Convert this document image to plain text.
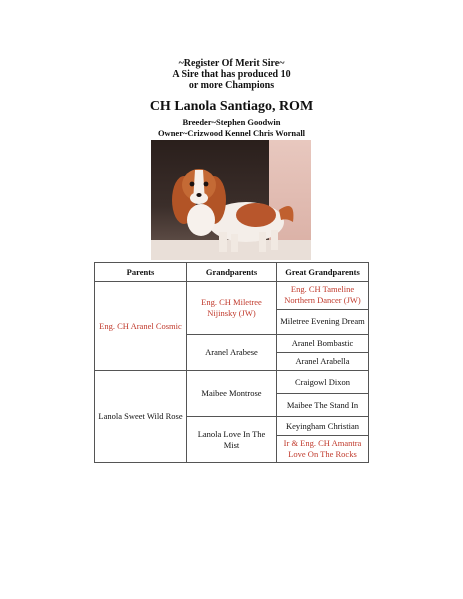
~Register Of Merit Sire~
A Sire that has produced 10
or more Champions
CH Lanola Santiago, ROM
Breeder~Stephen Goodwin
Owner~Crizwood Kennel Chris Wornall
Parents	Grandparents	Great Grandparents
Eng. CH Aranel Cosmic	Eng. CH Miletree Nijinsky (JW)	Eng. CH Tameline Northern Dancer (JW)
		Miletree Evening Dream
	Aranel Arabese	Aranel Bombastic
		Aranel Arabella
Lanola Sweet Wild Rose	Maibee Montrose	Craigowl Dixon
		Maibee The Stand In
	Lanola Love In The Mist	Keyingham Christian
		Ir & Eng. CH Amantra Love On The Rocks
